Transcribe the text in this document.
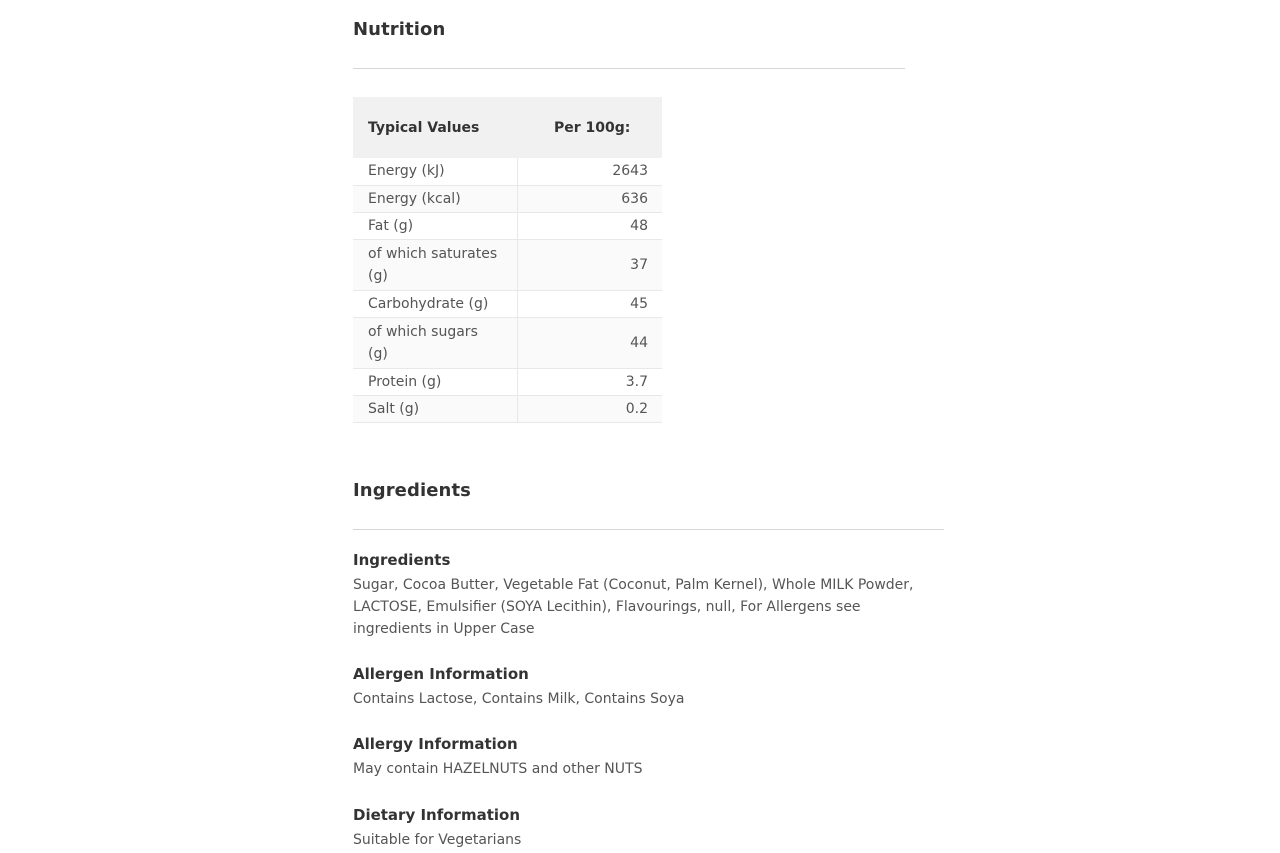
Nutrition
Typical Values	Per 100g:
Energy (kJ)	2643
Energy (kcal)	636
Fat (g)	48
of which saturates (g)	37
Carbohydrate (g)	45
of which sugars (g)	44
Protein (g)	3.7
Salt (g)	0.2
Ingredients
Ingredients

Sugar, Cocoa Butter, Vegetable Fat (Coconut, Palm Kernel), Whole MILK Powder, LACTOSE, Emulsifier (SOYA Lecithin), Flavourings, null, For Allergens see ingredients in Upper Case

Allergen Information

Contains Lactose, Contains Milk, Contains Soya

Allergy Information

May contain HAZELNUTS and other NUTS

Dietary Information

Suitable for Vegetarians
